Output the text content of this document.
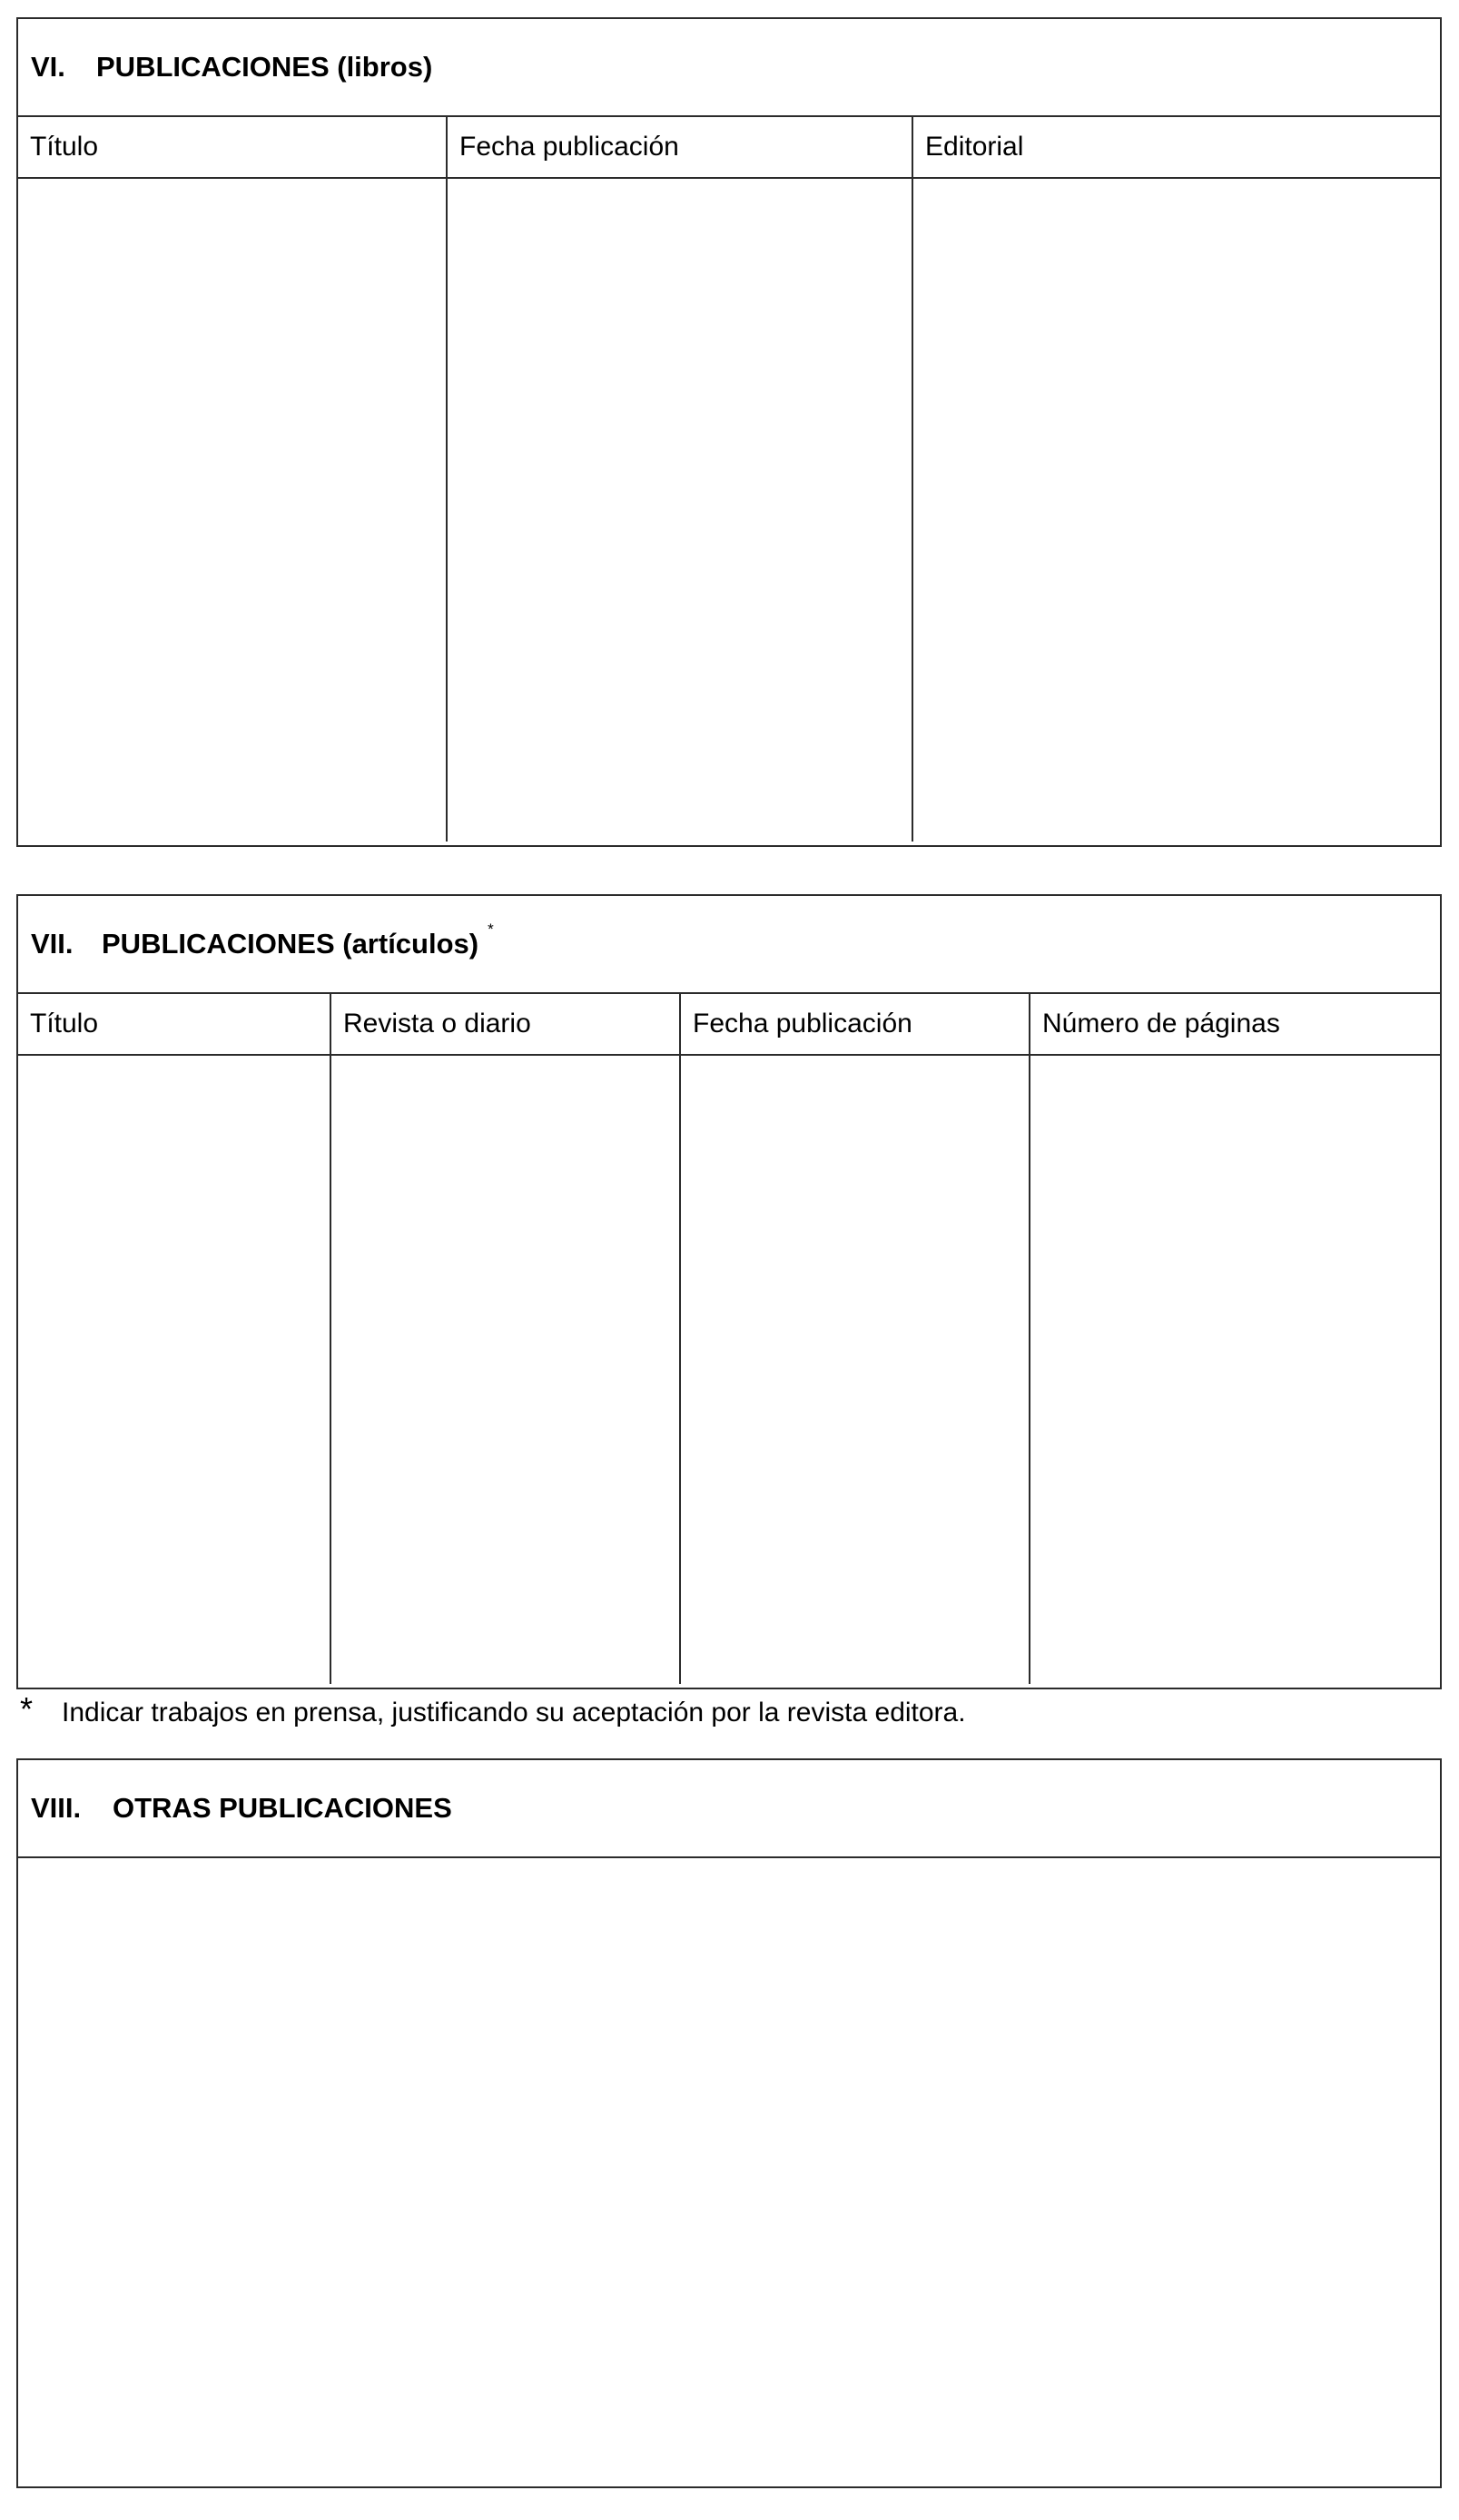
VI.	PUBLICACIONES (libros)
Título	Fecha publicación	Editorial

VII.	PUBLICACIONES (artículos) *
Título	Revista o diario	Fecha publicación	Número de páginas

* Indicar trabajos en prensa, justificando su aceptación por la revista editora.
VIII.	OTRAS PUBLICACIONES
